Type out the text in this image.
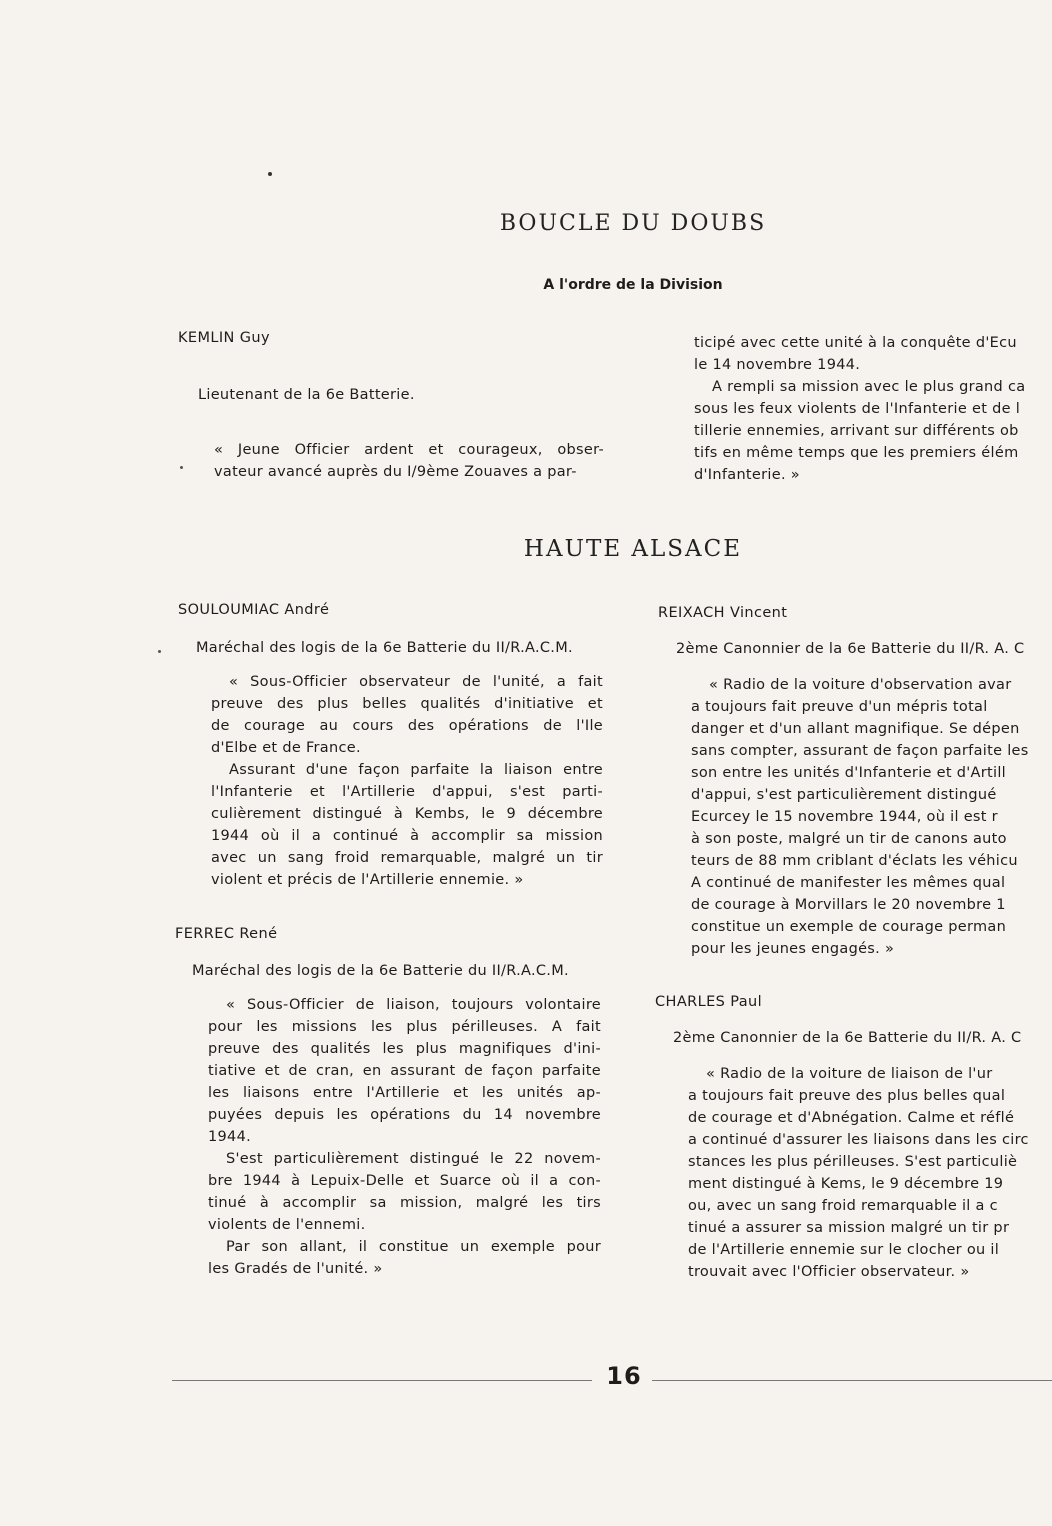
BOUCLE DU DOUBS
A l'ordre de la Division
KEMLIN Guy
Lieutenant de la 6e Batterie.
« Jeune Officier ardent et courageux, obser-
vateur avancé auprès du I/9ème Zouaves a par-
ticipé avec cette unité à la conquête d'Ecu
le 14 novembre 1944.
A rempli sa mission avec le plus grand ca
sous les feux violents de l'Infanterie et de l
tillerie ennemies, arrivant sur différents ob
tifs en même temps que les premiers élém
d'Infanterie. »
HAUTE ALSACE
SOULOUMIAC André
Maréchal des logis de la 6e Batterie du II/R.A.C.M.
« Sous-Officier observateur de l'unité, a fait
preuve des plus belles qualités d'initiative et
de courage au cours des opérations de l'Ile
d'Elbe et de France.
Assurant d'une façon parfaite la liaison entre
l'Infanterie et l'Artillerie d'appui, s'est parti-
culièrement distingué à Kembs, le 9 décembre
1944 où il a continué à accomplir sa mission
avec un sang froid remarquable, malgré un tir
violent et précis de l'Artillerie ennemie. »
FERREC René
Maréchal des logis de la 6e Batterie du II/R.A.C.M.
« Sous-Officier de liaison, toujours volontaire
pour les missions les plus périlleuses. A fait
preuve des qualités les plus magnifiques d'ini-
tiative et de cran, en assurant de façon parfaite
les liaisons entre l'Artillerie et les unités ap-
puyées depuis les opérations du 14 novembre
1944.
S'est particulièrement distingué le 22 novem-
bre 1944 à Lepuix-Delle et Suarce où il a con-
tinué à accomplir sa mission, malgré les tirs
violents de l'ennemi.
Par son allant, il constitue un exemple pour
les Gradés de l'unité. »
REIXACH Vincent
2ème Canonnier de la 6e Batterie du II/R. A. C
« Radio de la voiture d'observation avar
a toujours fait preuve d'un mépris total
danger et d'un allant magnifique. Se dépen
sans compter, assurant de façon parfaite les
son entre les unités d'Infanterie et d'Artill
d'appui, s'est particulièrement distingué
Ecurcey le 15 novembre 1944, où il est r
à son poste, malgré un tir de canons auto
teurs de 88 mm criblant d'éclats les véhicu
A continué de manifester les mêmes qual
de courage à Morvillars le 20 novembre 1
constitue un exemple de courage perman
pour les jeunes engagés. »
CHARLES Paul
2ème Canonnier de la 6e Batterie du II/R. A. C
« Radio de la voiture de liaison de l'ur
a toujours fait preuve des plus belles qual
de courage et d'Abnégation. Calme et réflé
a continué d'assurer les liaisons dans les circ
stances les plus périlleuses. S'est particuliè
ment distingué à Kems, le 9 décembre 19
ou, avec un sang froid remarquable il a c
tinué a assurer sa mission malgré un tir pr
de l'Artillerie ennemie sur le clocher ou il
trouvait avec l'Officier observateur. »
16
